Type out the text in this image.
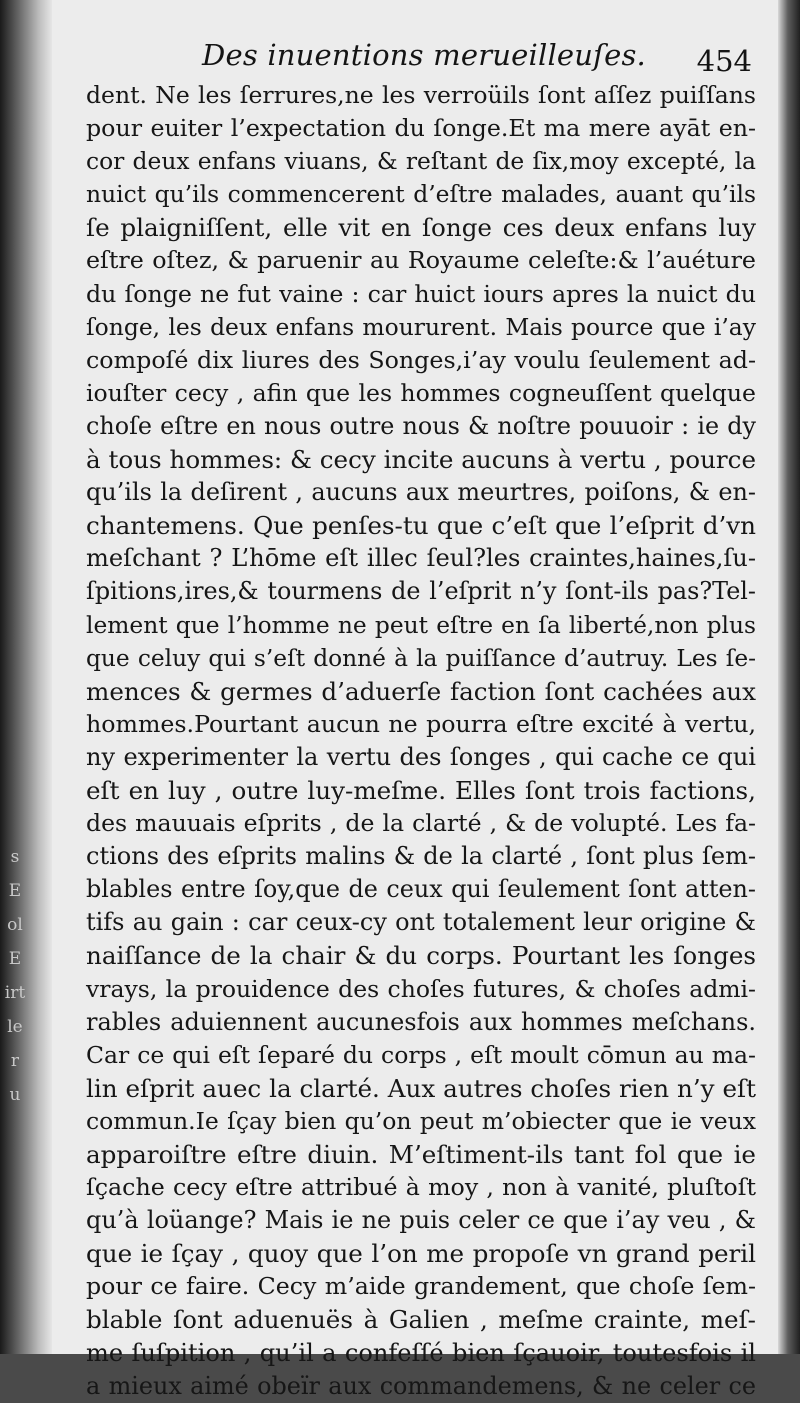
s
E
ol
E
irt
le
r
u
Des inuentions merueilleuſes. 454
dent. Ne les ſerrures,ne les verroüils ſont aſſez puiſſans
pour euiter l’expectation du ſonge.Et ma mere ayāt en-
cor deux enfans viuans, & reſtant de ſix,moy excepté, la
nuict qu’ils commencerent d’eſtre malades, auant qu’ils
ſe plaigniſſent, elle vit en ſonge ces deux enfans luy
eſtre oſtez, & paruenir au Royaume celeſte:& l’auéture
du ſonge ne fut vaine : car huict iours apres la nuict du
ſonge, les deux enfans moururent. Mais pource que i’ay
compoſé dix liures des Songes,i’ay voulu ſeulement ad-
iouſter cecy , afin que les hommes cogneuſſent quelque
choſe eſtre en nous outre nous & noſtre pouuoir : ie dy
à tous hommes: & cecy incite aucuns à vertu , pource
qu’ils la deſirent , aucuns aux meurtres, poiſons, & en-
chantemens. Que penſes-tu que c’eſt que l’eſprit d’vn
meſchant ? L’hōme eſt illec ſeul?les craintes,haines,ſu-
ſpitions,ires,& tourmens de l’eſprit n’y ſont-ils pas?Tel-
lement que l’homme ne peut eſtre en ſa liberté,non plus
que celuy qui s’eſt donné à la puiſſance d’autruy. Les ſe-
mences & germes d’aduerſe faction ſont cachées aux
hommes.Pourtant aucun ne pourra eſtre excité à vertu,
ny experimenter la vertu des ſonges , qui cache ce qui
eſt en luy , outre luy-meſme. Elles ſont trois factions,
des mauuais eſprits , de la clarté , & de volupté. Les fa-
ctions des eſprits malins & de la clarté , ſont plus ſem-
blables entre ſoy,que de ceux qui ſeulement ſont atten-
tifs au gain : car ceux-cy ont totalement leur origine &
naiſſance de la chair & du corps. Pourtant les ſonges
vrays, la prouidence des choſes futures, & choſes admi-
rables aduiennent aucunesfois aux hommes meſchans.
Car ce qui eſt ſeparé du corps , eſt moult cōmun au ma-
lin eſprit auec la clarté. Aux autres choſes rien n’y eſt
commun.Ie ſçay bien qu’on peut m’obiecter que ie veux
apparoiſtre eſtre diuin. M’eſtiment-ils tant fol que ie
ſçache cecy eſtre attribué à moy , non à vanité, pluſtoſt
qu’à loüange? Mais ie ne puis celer ce que i’ay veu , &
que ie ſçay , quoy que l’on me propoſe vn grand peril
pour ce faire. Cecy m’aide grandement, que choſe ſem-
blable ſont aduenuës à Galien , meſme crainte, meſ-
me ſuſpition , qu’il a confeſſé bien ſçauoir, toutesfois il
a mieux aimé obeïr aux commandemens, & ne celer ce
